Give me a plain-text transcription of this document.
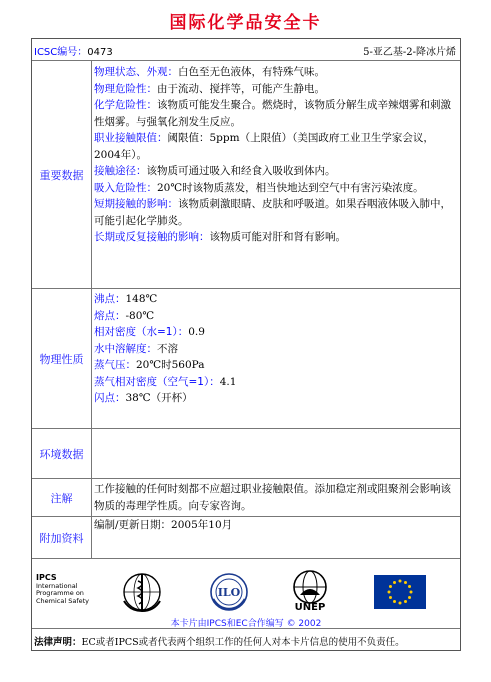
国际化学品安全卡
ICSC编号：0473	5-亚乙基-2-降冰片烯
重要数据

物理状态、外观：白色至无色液体，有特殊气味。

物理危险性：由于流动、搅拌等，可能产生静电。

化学危险性：该物质可能发生聚合。燃烧时，该物质分解生成辛辣烟雾和刺激性烟雾。与强氧化剂发生反应。

职业接触限值：阈限值：5ppm（上限值）（美国政府工业卫生学家会议，2004年）。

接触途径：该物质可通过吸入和经食入吸收到体内。

吸入危险性：20℃时该物质蒸发，相当快地达到空气中有害污染浓度。

短期接触的影响：该物质刺激眼睛、皮肤和呼吸道。如果吞咽液体吸入肺中，可能引起化学肺炎。

长期或反复接触的影响：该物质可能对肝和肾有影响。

物理性质

沸点：148℃

熔点：-80℃

相对密度（水=1）：0.9

水中溶解度：不溶

蒸气压：20℃时560Pa

蒸气相对密度（空气=1）：4.1

闪点：38℃（开杯）

环境数据
注解
工作接触的任何时刻都不应超过职业接触限值。添加稳定剂或阻聚剂会影响该物质的毒理学性质。向专家咨询。
附加资料
编制/更新日期：2005年10月
IPCS
International
Programme on
Chemical Safety
ILO
UNEP
本卡片由IPCS和EC合作编写 © 2002
法律声明：EC或者IPCS或者代表两个组织工作的任何人对本卡片信息的使用不负责任。
